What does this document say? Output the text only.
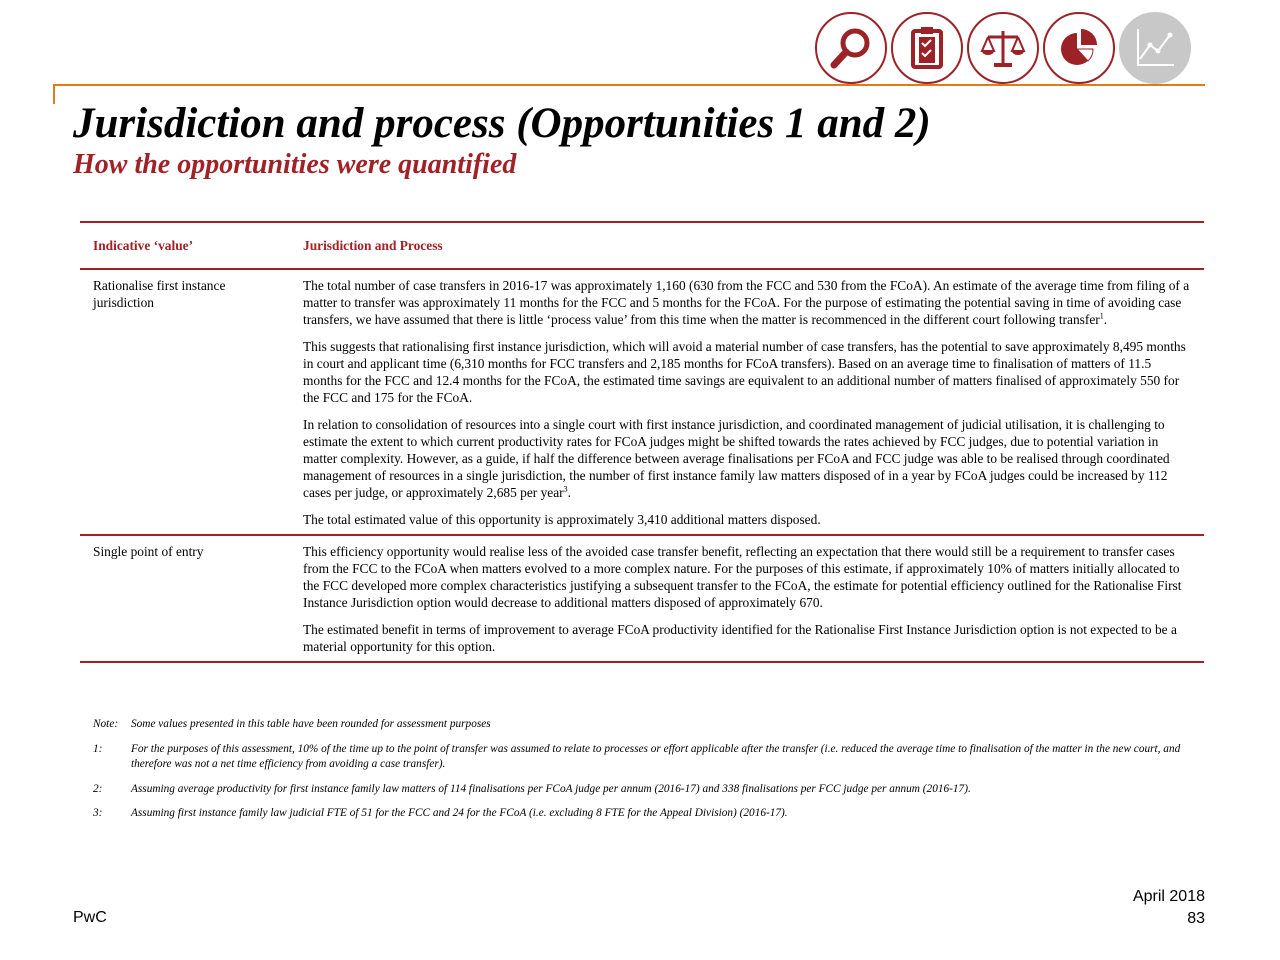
Jurisdiction and process (Opportunities 1 and 2)
How the opportunities were quantified
Indicative ‘value’	Jurisdiction and Process
Rationalise first instance jurisdiction	The total number of case transfers in 2016-17 was approximately 1,160 (630 from the FCC and 530 from the FCoA). An estimate of the average time from filing of a matter to transfer was approximately 11 months for the FCC and 5 months for the FCoA. For the purpose of estimating the potential saving in time of avoiding case transfers, we have assumed that there is little ‘process value’ from this time when the matter is recommenced in the different court following transfer$^1$.

This suggests that rationalising first instance jurisdiction, which will avoid a material number of case transfers, has the potential to save approximately 8,495 months in court and applicant time (6,310 months for FCC transfers and 2,185 months for FCoA transfers). Based on an average time to finalisation of matters of 11.5 months for the FCC and 12.4 months for the FCoA, the estimated time savings are equivalent to an additional number of matters finalised of approximately 550 for the FCC and 175 for the FCoA.

In relation to consolidation of resources into a single court with first instance jurisdiction, and coordinated management of judicial utilisation, it is challenging to estimate the extent to which current productivity rates for FCoA judges might be shifted towards the rates achieved by FCC judges, due to potential variation in matter complexity. However, as a guide, if half the difference between average finalisations per FCoA and FCC judge was able to be realised through coordinated management of resources in a single jurisdiction, the number of first instance family law matters disposed of in a year by FCoA judges could be increased by 112 cases per judge, or approximately 2,685 per year$^3$.

The total estimated value of this opportunity is approximately 3,410 additional matters disposed.

Single point of entry	This efficiency opportunity would realise less of the avoided case transfer benefit, reflecting an expectation that there would still be a requirement to transfer cases from the FCC to the FCoA when matters evolved to a more complex nature. For the purposes of this estimate, if approximately 10% of matters initially allocated to the FCC developed more complex characteristics justifying a subsequent transfer to the FCoA, the estimate for potential efficiency outlined for the Rationalise First Instance Jurisdiction option would decrease to additional matters disposed of approximately 670.

The estimated benefit in terms of improvement to average FCoA productivity identified for the Rationalise First Instance Jurisdiction option is not expected to be a material opportunity for this option.

Note:	Some values presented in this table have been rounded for assessment purposes
1:	For the purposes of this assessment, 10% of the time up to the point of transfer was assumed to relate to processes or effort applicable after the transfer (i.e. reduced the average time to finalisation of the matter in the new court, and therefore was not a net time efficiency from avoiding a case transfer).
2:	Assuming average productivity for first instance family law matters of 114 finalisations per FCoA judge per annum (2016-17) and 338 finalisations per FCC judge per annum (2016-17).
3:	Assuming first instance family law judicial FTE of 51 for the FCC and 24 for the FCoA (i.e. excluding 8 FTE for the Appeal Division) (2016-17).
PwC
April 2018
83
